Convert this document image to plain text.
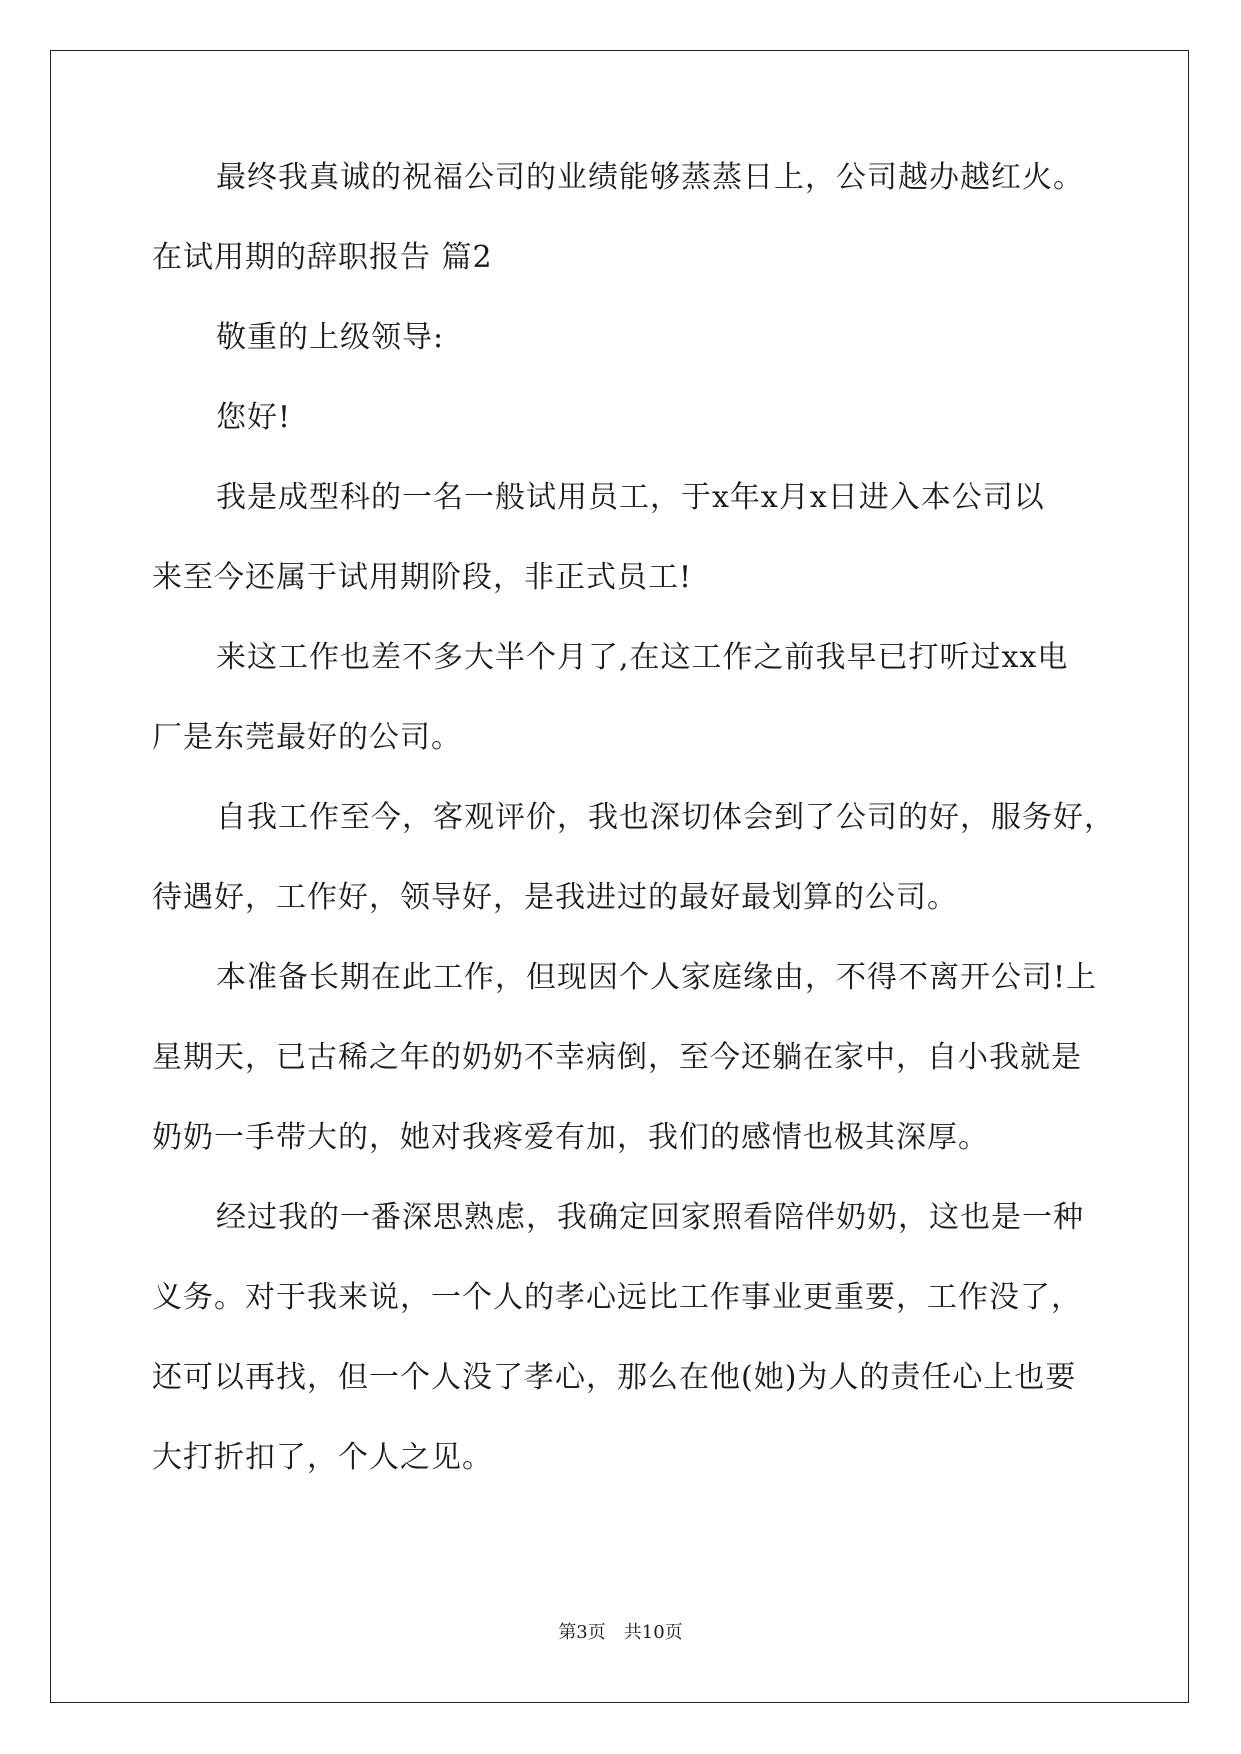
最终我真诚的祝福公司的业绩能够蒸蒸日上，公司越办越红火。
在试用期的辞职报告 篇2
敬重的上级领导:
您好!
我是成型科的一名一般试用员工，于x年x月x日进入本公司以
来至今还属于试用期阶段，非正式员工!
来这工作也差不多大半个月了,在这工作之前我早已打听过xx电
厂是东莞最好的公司。
自我工作至今，客观评价，我也深切体会到了公司的好，服务好，
待遇好，工作好，领导好，是我进过的最好最划算的公司。
本准备长期在此工作，但现因个人家庭缘由，不得不离开公司!上
星期天，已古稀之年的奶奶不幸病倒，至今还躺在家中，自小我就是
奶奶一手带大的，她对我疼爱有加，我们的感情也极其深厚。
经过我的一番深思熟虑，我确定回家照看陪伴奶奶，这也是一种
义务。对于我来说，一个人的孝心远比工作事业更重要，工作没了，
还可以再找，但一个人没了孝心，那么在他(她)为人的责任心上也要
大打折扣了，个人之见。
第3页 共10页
